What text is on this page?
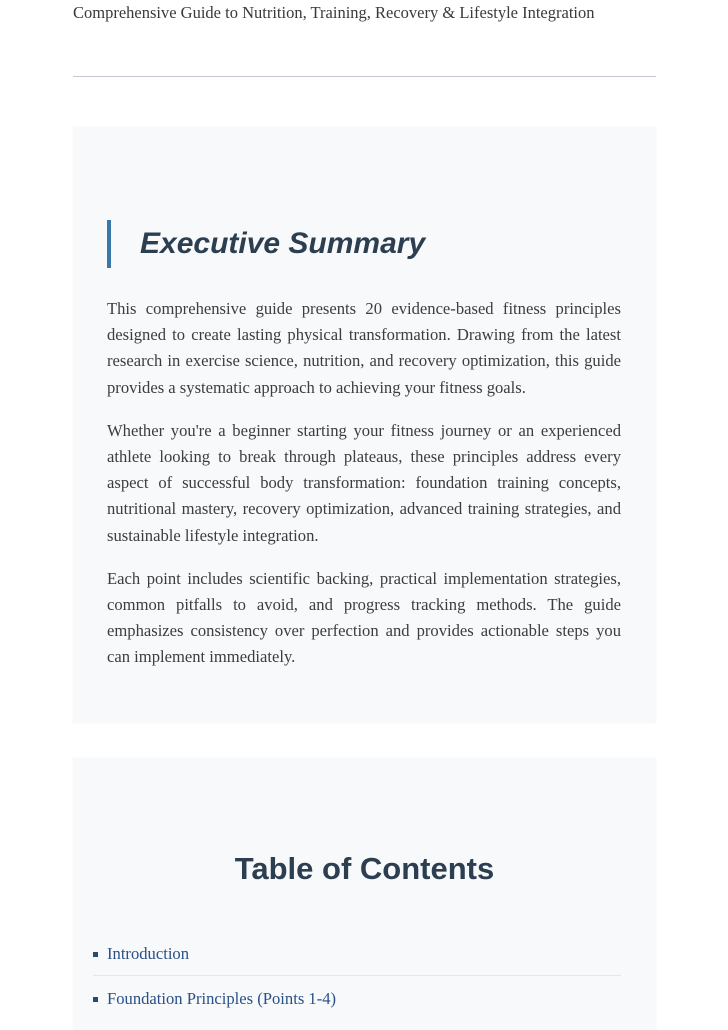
Comprehensive Guide to Nutrition, Training, Recovery & Lifestyle Integration
Executive Summary

This comprehensive guide presents 20 evidence-based fitness principles designed to create lasting physical transformation. Drawing from the latest research in exercise science, nutrition, and recovery optimization, this guide provides a systematic approach to achieving your fitness goals.

Whether you're a beginner starting your fitness journey or an experienced athlete looking to break through plateaus, these principles address every aspect of successful body transformation: foundation training concepts, nutritional mastery, recovery optimization, advanced training strategies, and sustainable lifestyle integration.

Each point includes scientific backing, practical implementation strategies, common pitfalls to avoid, and progress tracking methods. The guide emphasizes consistency over perfection and provides actionable steps you can implement immediately.

Table of Contents
Introduction
Foundation Principles (Points 1-4)
